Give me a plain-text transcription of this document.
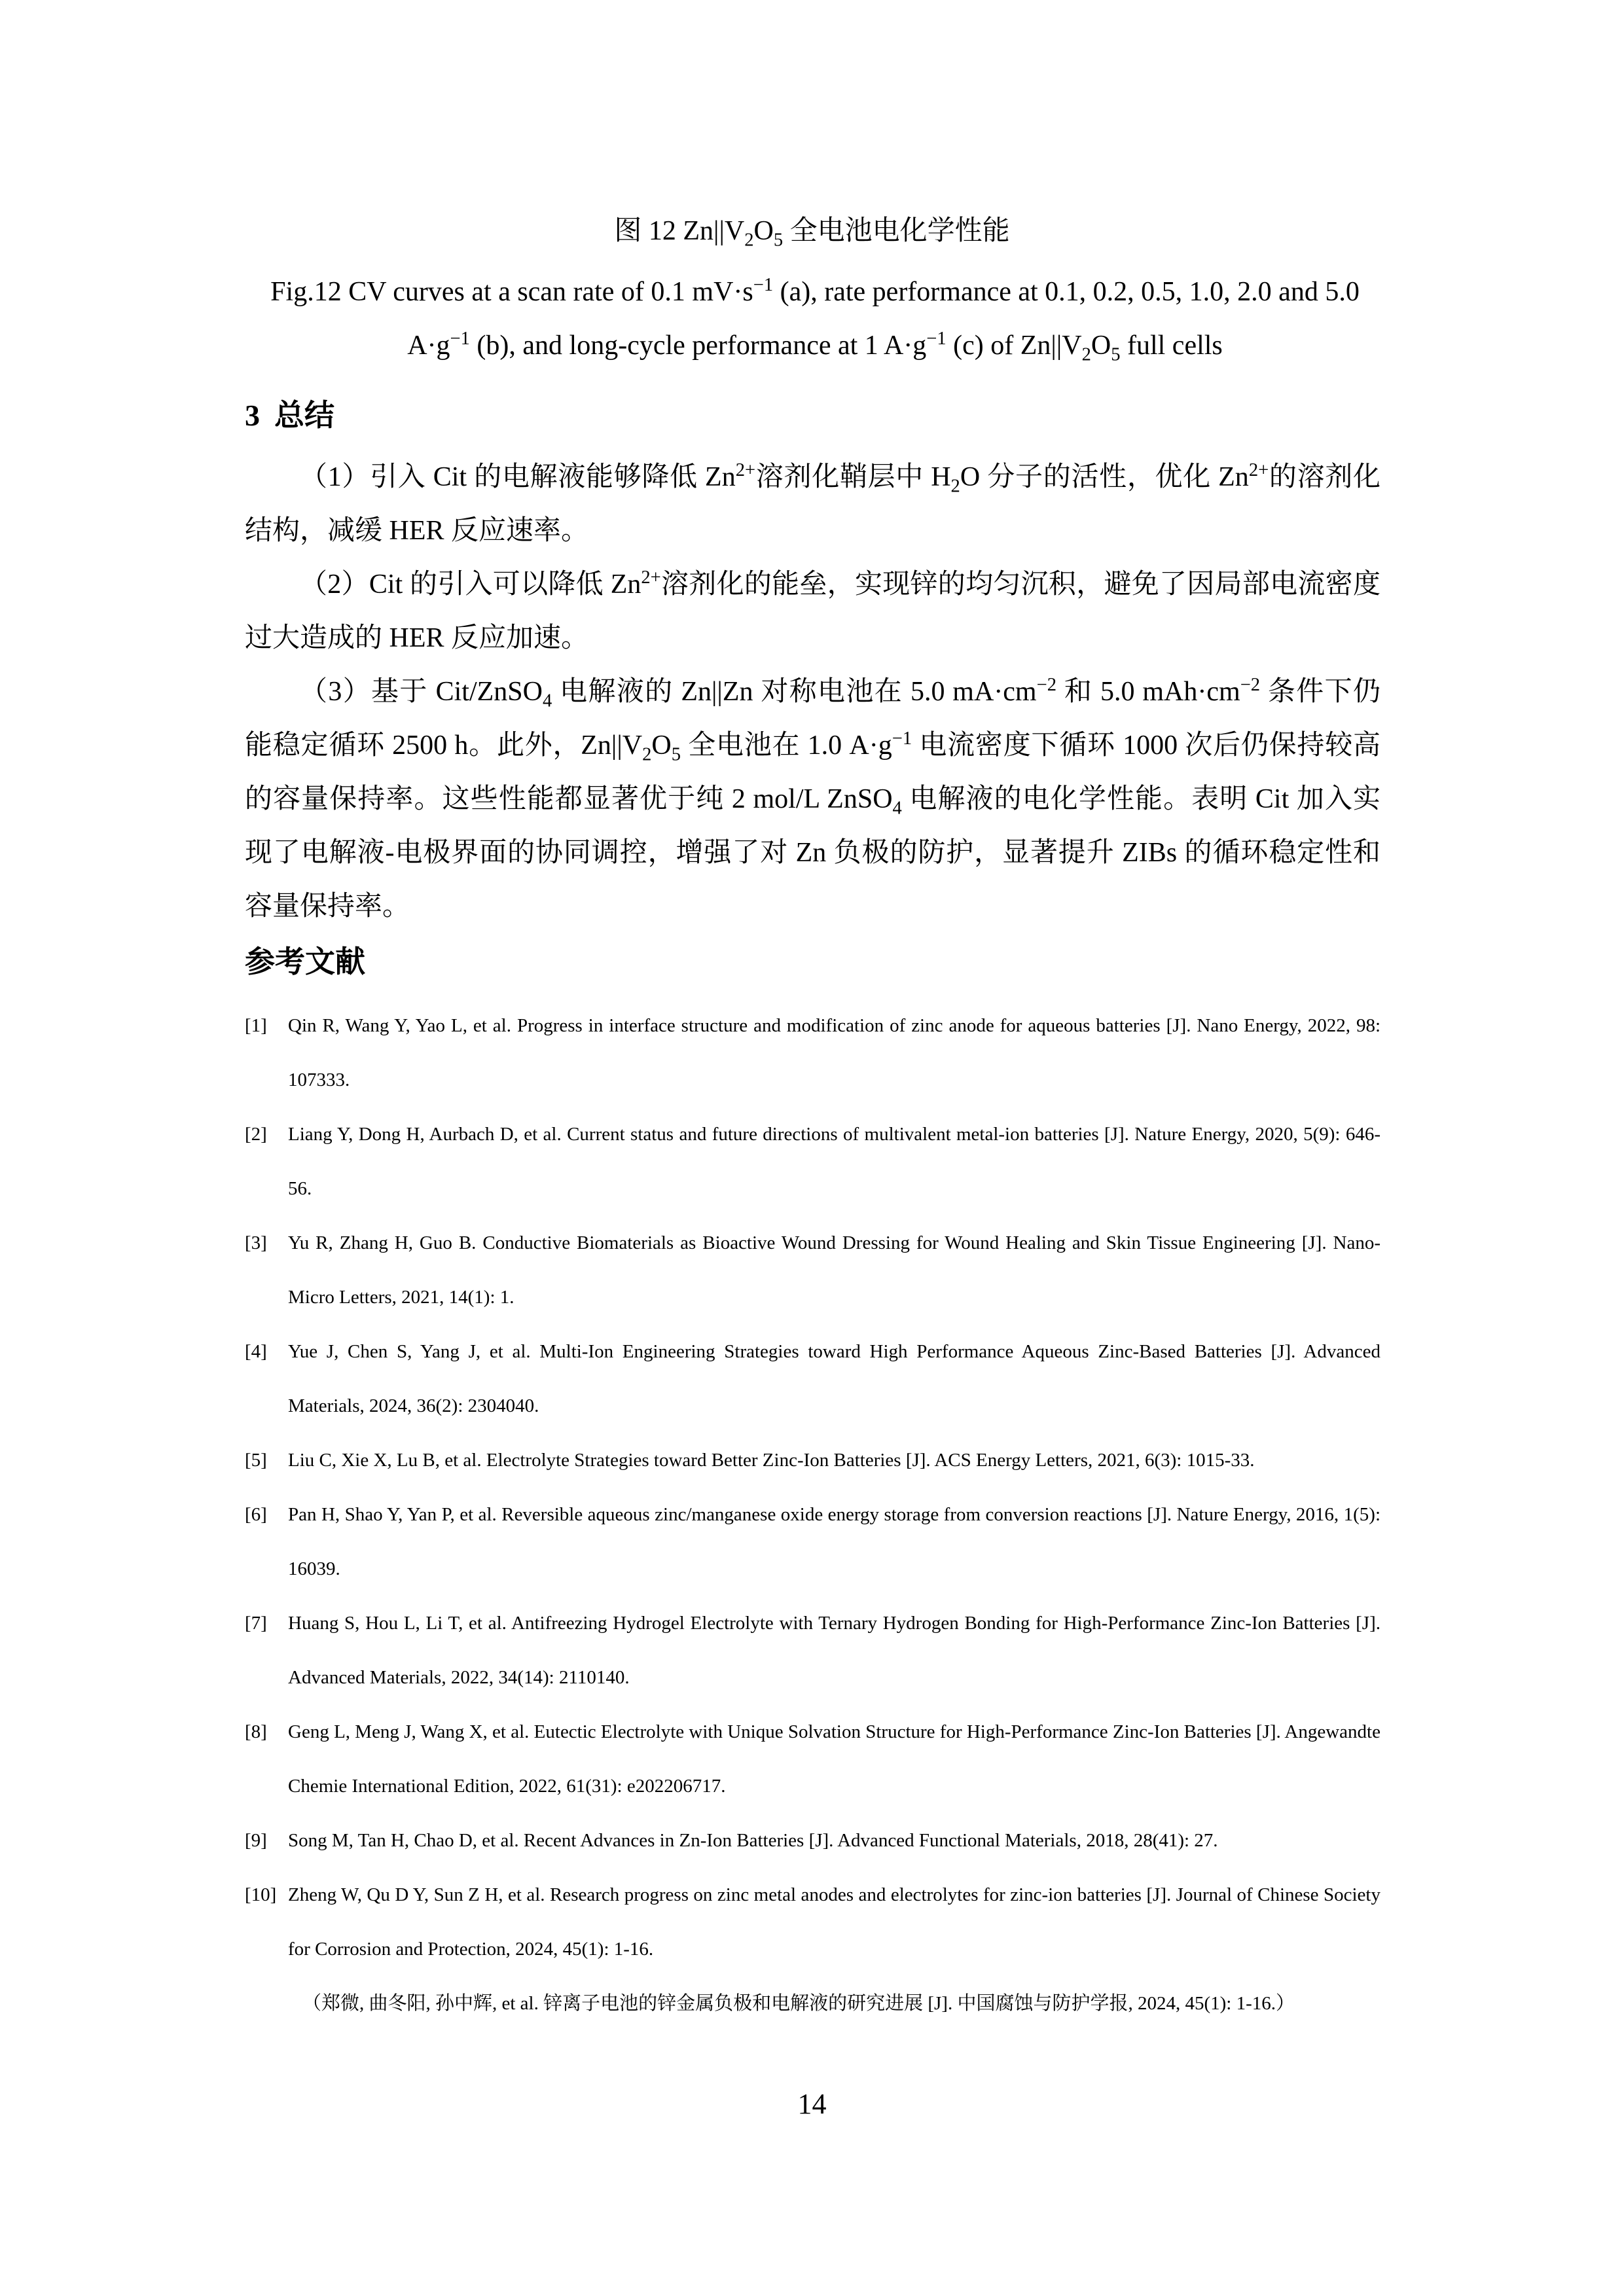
图 12 $Zn||V_2O_5$ 全电池电化学性能
Fig.12 CV curves at a scan rate of 0.1 $mV\cdot s^{-1}$ (a), rate performance at 0.1, 0.2, 0.5, 1.0, 2.0 and 5.0 $A\cdot g^{-1}$ (b), and long-cycle performance at 1 $A\cdot g^{-1}$ (c) of $Zn||V_2O_5$ full cells
3 总结

（1）引入 Cit 的电解液能够降低 $Zn^{2+}$溶剂化鞘层中 $H_2O$ 分子的活性，优化 $Zn^{2+}$的溶剂化结构，减缓 HER 反应速率。

（2）Cit 的引入可以降低 $Zn^{2+}$溶剂化的能垒，实现锌的均匀沉积，避免了因局部电流密度过大造成的 HER 反应加速。

（3）基于 Cit/ZnSO$_4$ 电解液的 Zn||Zn 对称电池在 5.0 $mA\cdot cm^{-2}$ 和 5.0 $mAh\cdot cm^{-2}$ 条件下仍能稳定循环 2500 h。此外，$Zn||V_2O_5$ 全电池在 1.0 $A\cdot g^{-1}$ 电流密度下循环 1000 次后仍保持较高的容量保持率。这些性能都显著优于纯 2 mol/L ZnSO$_4$ 电解液的电化学性能。表明 Cit 加入实现了电解液-电极界面的协同调控，增强了对 Zn 负极的防护，显著提升 ZIBs 的循环稳定性和容量保持率。

参考文献
[1]	Qin R, Wang Y, Yao L, et al. Progress in interface structure and modification of zinc anode for aqueous batteries [J]. Nano Energy, 2022, 98: 107333.
[2]	Liang Y, Dong H, Aurbach D, et al. Current status and future directions of multivalent metal-ion batteries [J]. Nature Energy, 2020, 5(9): 646-56.
[3]	Yu R, Zhang H, Guo B. Conductive Biomaterials as Bioactive Wound Dressing for Wound Healing and Skin Tissue Engineering [J]. Nano-Micro Letters, 2021, 14(1): 1.
[4]	Yue J, Chen S, Yang J, et al. Multi-Ion Engineering Strategies toward High Performance Aqueous Zinc-Based Batteries [J]. Advanced Materials, 2024, 36(2): 2304040.
[5]	Liu C, Xie X, Lu B, et al. Electrolyte Strategies toward Better Zinc-Ion Batteries [J]. ACS Energy Letters, 2021, 6(3): 1015-33.
[6]	Pan H, Shao Y, Yan P, et al. Reversible aqueous zinc/manganese oxide energy storage from conversion reactions [J]. Nature Energy, 2016, 1(5): 16039.
[7]	Huang S, Hou L, Li T, et al. Antifreezing Hydrogel Electrolyte with Ternary Hydrogen Bonding for High-Performance Zinc-Ion Batteries [J]. Advanced Materials, 2022, 34(14): 2110140.
[8]	Geng L, Meng J, Wang X, et al. Eutectic Electrolyte with Unique Solvation Structure for High-Performance Zinc-Ion Batteries [J]. Angewandte Chemie International Edition, 2022, 61(31): e202206717.
[9]	Song M, Tan H, Chao D, et al. Recent Advances in Zn-Ion Batteries [J]. Advanced Functional Materials, 2018, 28(41): 27.
[10] Zheng W, Qu D Y, Sun Z H, et al. Research progress on zinc metal anodes and electrolytes for zinc-ion batteries [J]. Journal of Chinese Society for Corrosion and Protection, 2024, 45(1): 1-16.
（郑微, 曲冬阳, 孙中辉, et al. 锌离子电池的锌金属负极和电解液的研究进展 [J]. 中国腐蚀与防护学报, 2024, 45(1): 1-16.）
14
